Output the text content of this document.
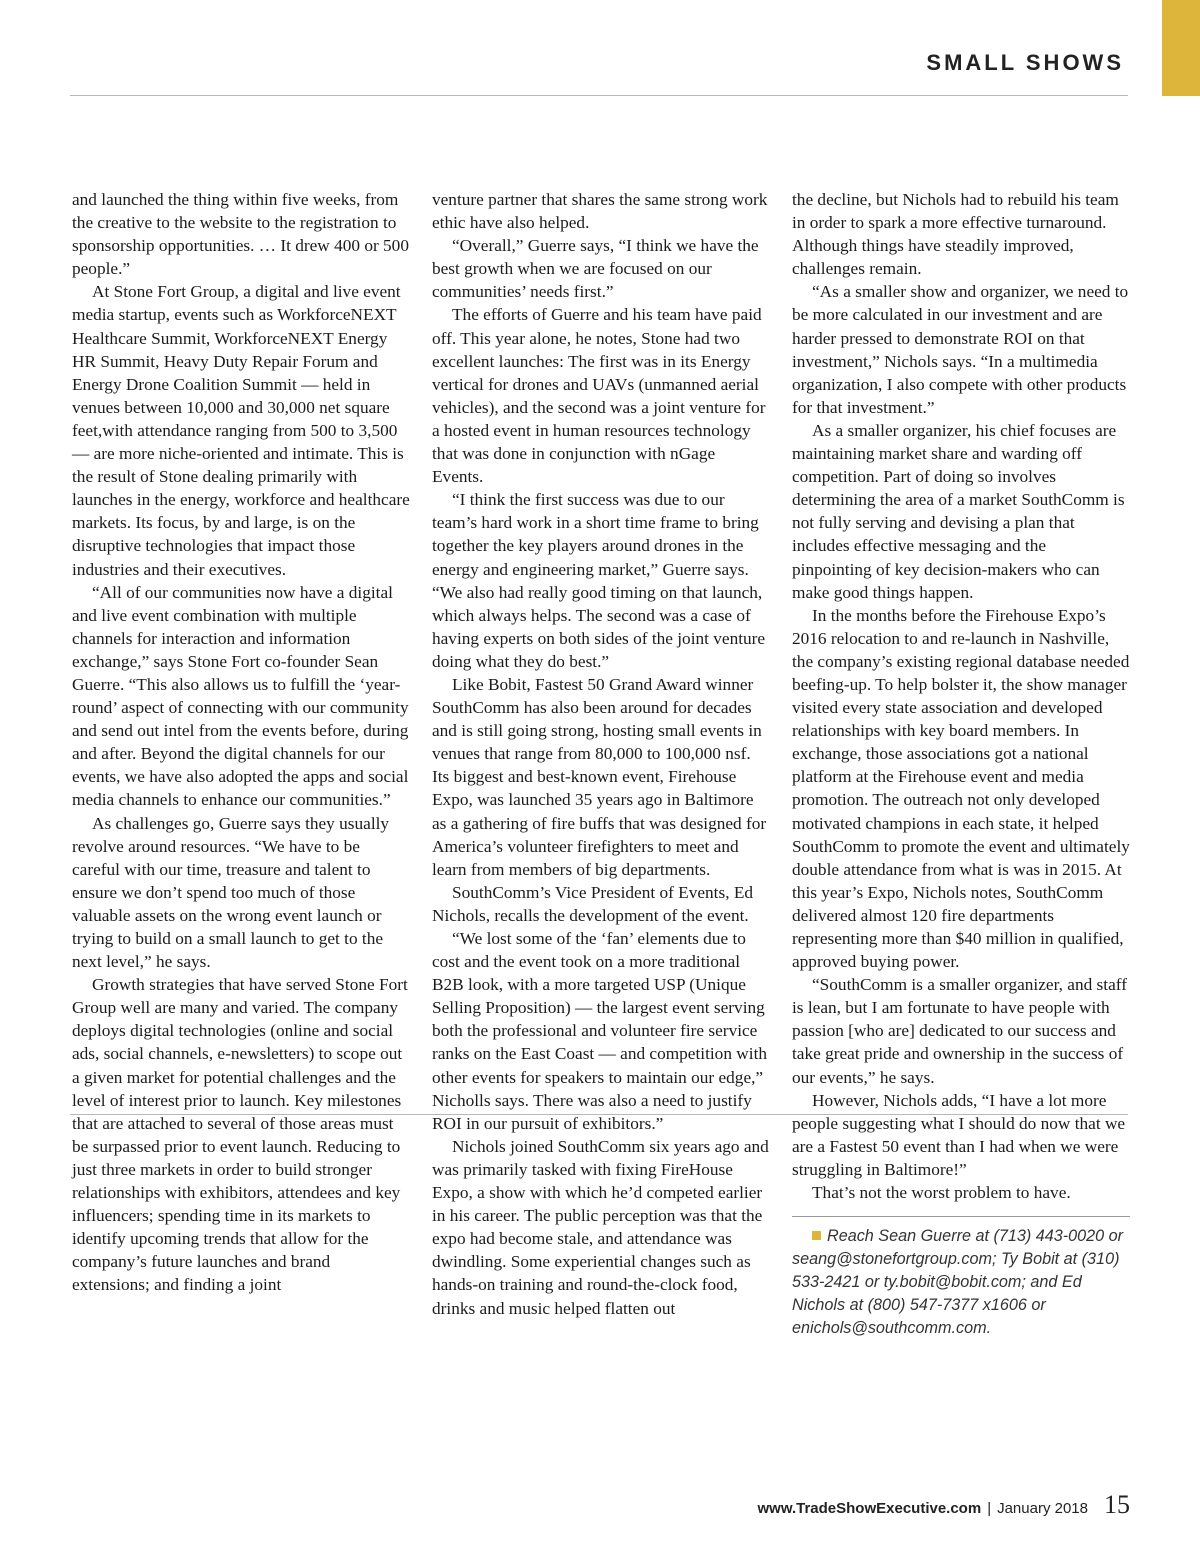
SMALL SHOWS

and launched the thing within five weeks, from the creative to the website to the registration to sponsorship opportunities. … It drew 400 or 500 people.”

At Stone Fort Group, a digital and live event media startup, events such as WorkforceNEXT Healthcare Summit, WorkforceNEXT Energy HR Summit, Heavy Duty Repair Forum and Energy Drone Coalition Summit — held in venues between 10,000 and 30,000 net square feet,with attendance ranging from 500 to 3,500 — are more niche-oriented and intimate. This is the result of Stone dealing primarily with launches in the energy, workforce and healthcare markets. Its focus, by and large, is on the disruptive technologies that impact those industries and their executives.

“All of our communities now have a digital and live event combination with multiple channels for interaction and information exchange,” says Stone Fort co-founder Sean Guerre. “This also allows us to fulfill the ‘year-round’ aspect of connecting with our community and send out intel from the events before, during and after. Beyond the digital channels for our events, we have also adopted the apps and social media channels to enhance our communities.”

As challenges go, Guerre says they usually revolve around resources. “We have to be careful with our time, treasure and talent to ensure we don’t spend too much of those valuable assets on the wrong event launch or trying to build on a small launch to get to the next level,” he says.

Growth strategies that have served Stone Fort Group well are many and varied. The company deploys digital technologies (online and social ads, social channels, e-newsletters) to scope out a given market for potential challenges and the level of interest prior to launch. Key milestones that are attached to several of those areas must be surpassed prior to event launch. Reducing to just three markets in order to build stronger relationships with exhibitors, attendees and key influencers; spending time in its markets to identify upcoming trends that allow for the company’s future launches and brand extensions; and finding a joint

venture partner that shares the same strong work ethic have also helped.

“Overall,” Guerre says, “I think we have the best growth when we are focused on our communities’ needs first.”

The efforts of Guerre and his team have paid off. This year alone, he notes, Stone had two excellent launches: The first was in its Energy vertical for drones and UAVs (unmanned aerial vehicles), and the second was a joint venture for a hosted event in human resources technology that was done in conjunction with nGage Events.

“I think the first success was due to our team’s hard work in a short time frame to bring together the key players around drones in the energy and engineering market,” Guerre says. “We also had really good timing on that launch, which always helps. The second was a case of having experts on both sides of the joint venture doing what they do best.”

Like Bobit, Fastest 50 Grand Award winner SouthComm has also been around for decades and is still going strong, hosting small events in venues that range from 80,000 to 100,000 nsf. Its biggest and best-known event, Firehouse Expo, was launched 35 years ago in Baltimore as a gathering of fire buffs that was designed for America’s volunteer firefighters to meet and learn from members of big departments.

SouthComm’s Vice President of Events, Ed Nichols, recalls the development of the event.

“We lost some of the ‘fan’ elements due to cost and the event took on a more traditional B2B look, with a more targeted USP (Unique Selling Proposition) — the largest event serving both the professional and volunteer fire service ranks on the East Coast — and competition with other events for speakers to maintain our edge,” Nicholls says. There was also a need to justify ROI in our pursuit of exhibitors.”

Nichols joined SouthComm six years ago and was primarily tasked with fixing FireHouse Expo, a show with which he’d competed earlier in his career. The public perception was that the expo had become stale, and attendance was dwindling. Some experiential changes such as hands-on training and round-the-clock food, drinks and music helped flatten out

the decline, but Nichols had to rebuild his team in order to spark a more effective turnaround. Although things have steadily improved, challenges remain.

“As a smaller show and organizer, we need to be more calculated in our investment and are harder pressed to demonstrate ROI on that investment,” Nichols says. “In a multimedia organization, I also compete with other products for that investment.”

As a smaller organizer, his chief focuses are maintaining market share and warding off competition. Part of doing so involves determining the area of a market SouthComm is not fully serving and devising a plan that includes effective messaging and the pinpointing of key decision-makers who can make good things happen.

In the months before the Firehouse Expo’s 2016 relocation to and re-launch in Nashville, the company’s existing regional database needed beefing-up. To help bolster it, the show manager visited every state association and developed relationships with key board members. In exchange, those associations got a national platform at the Firehouse event and media promotion. The outreach not only developed motivated champions in each state, it helped SouthComm to promote the event and ultimately double attendance from what is was in 2015. At this year’s Expo, Nichols notes, SouthComm delivered almost 120 fire departments representing more than $40 million in qualified, approved buying power.

“SouthComm is a smaller organizer, and staff is lean, but I am fortunate to have people with passion [who are] dedicated to our success and take great pride and ownership in the success of our events,” he says.

However, Nichols adds, “I have a lot more people suggesting what I should do now that we are a Fastest 50 event than I had when we were struggling in Baltimore!”

That’s not the worst problem to have.

Reach Sean Guerre at (713) 443-0020 or seang@stonefortgroup.com; Ty Bobit at (310) 533-2421 or ty.bobit@bobit.com; and Ed Nichols at (800) 547-7377 x1606 or enichols@southcomm.com.

www.TradeShowExecutive.com | January 2018 15
